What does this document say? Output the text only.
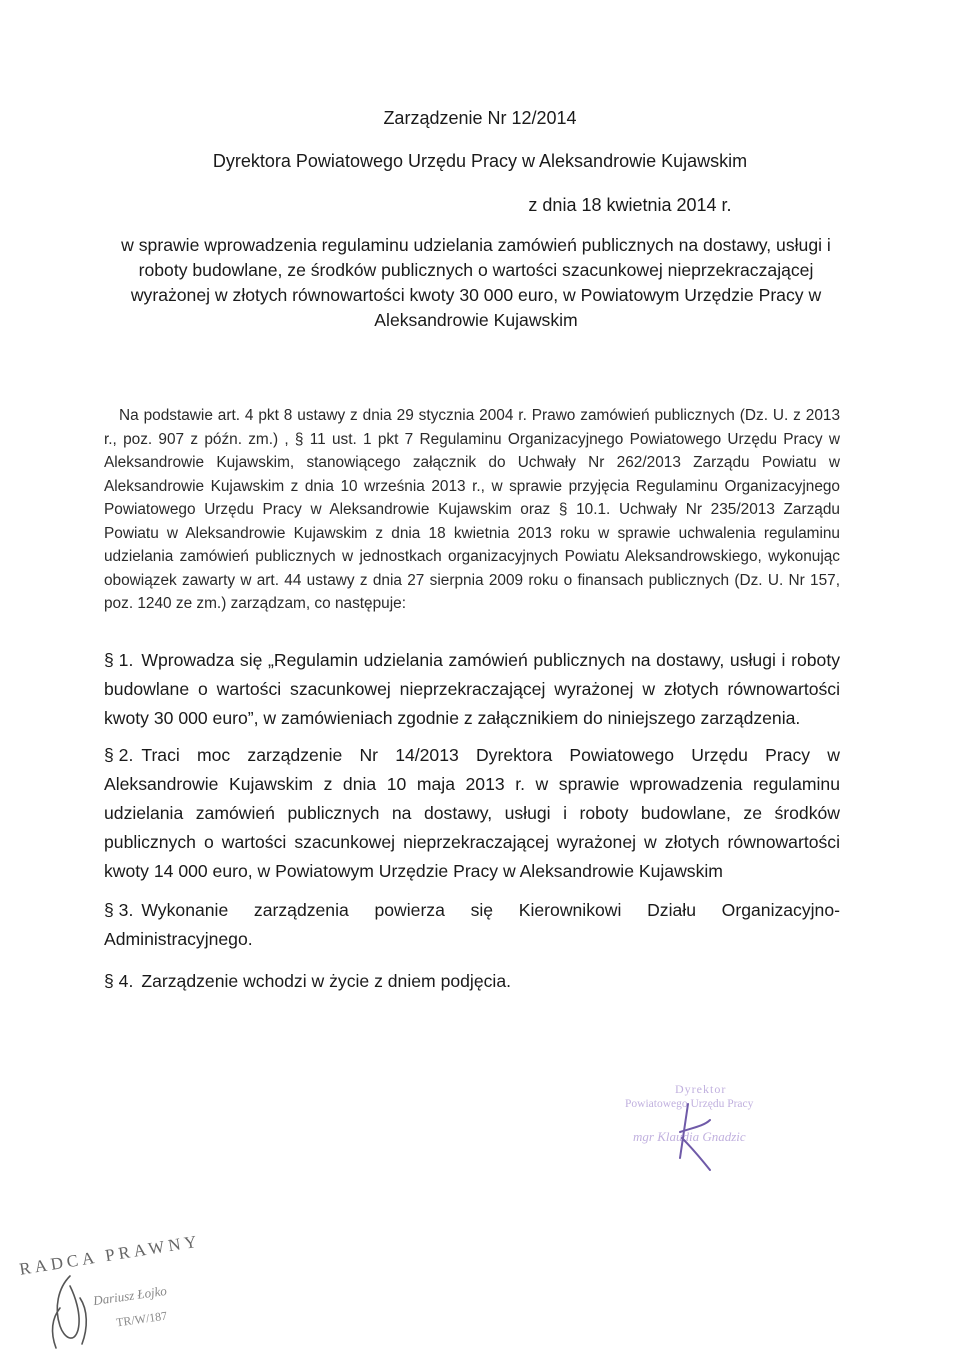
Zarządzenie Nr 12/2014
Dyrektora Powiatowego Urzędu Pracy w Aleksandrowie Kujawskim
z dnia 18 kwietnia 2014 r.
w sprawie wprowadzenia regulaminu udzielania zamówień publicznych na dostawy, usługi i roboty budowlane, ze środków publicznych o wartości szacunkowej nieprzekraczającej wyrażonej w złotych równowartości kwoty 30 000 euro, w Powiatowym Urzędzie Pracy w Aleksandrowie Kujawskim
Na podstawie art. 4 pkt 8 ustawy z dnia 29 stycznia 2004 r. Prawo zamówień publicznych (Dz. U. z 2013 r., poz. 907 z późn. zm.) , § 11 ust. 1 pkt 7 Regulaminu Organizacyjnego Powiatowego Urzędu Pracy w Aleksandrowie Kujawskim, stanowiącego załącznik do Uchwały Nr 262/2013 Zarządu Powiatu w Aleksandrowie Kujawskim z dnia 10 września 2013 r., w sprawie przyjęcia Regulaminu Organizacyjnego Powiatowego Urzędu Pracy w Aleksandrowie Kujawskim oraz § 10.1. Uchwały Nr 235/2013 Zarządu Powiatu w Aleksandrowie Kujawskim z dnia 18 kwietnia 2013 roku w sprawie uchwalenia regulaminu udzielania zamówień publicznych w jednostkach organizacyjnych Powiatu Aleksandrowskiego, wykonując obowiązek zawarty w art. 44 ustawy z dnia 27 sierpnia 2009 roku o finansach publicznych (Dz. U. Nr 157, poz. 1240 ze zm.) zarządzam, co następuje:
§ 1. Wprowadza się „Regulamin udzielania zamówień publicznych na dostawy, usługi i roboty budowlane o wartości szacunkowej nieprzekraczającej wyrażonej w złotych równowartości kwoty 30 000 euro”, w zamówieniach zgodnie z załącznikiem do niniejszego zarządzenia.
§ 2. Traci moc zarządzenie Nr 14/2013 Dyrektora Powiatowego Urzędu Pracy w Aleksandrowie Kujawskim z dnia 10 maja 2013 r. w sprawie wprowadzenia regulaminu udzielania zamówień publicznych na dostawy, usługi i roboty budowlane, ze środków publicznych o wartości szacunkowej nieprzekraczającej wyrażonej w złotych równowartości kwoty 14 000 euro, w Powiatowym Urzędzie Pracy w Aleksandrowie Kujawskim
§ 3. Wykonanie zarządzenia powierza się Kierownikowi Działu Organizacyjno-Administracyjnego.
§ 4. Zarządzenie wchodzi w życie z dniem podjęcia.
Dyrektor
Powiatowego Urzędu Pracy
mgr Klaudia Gnadzic
RADCA PRAWNY
Dariusz Łojko
TR/W/187
